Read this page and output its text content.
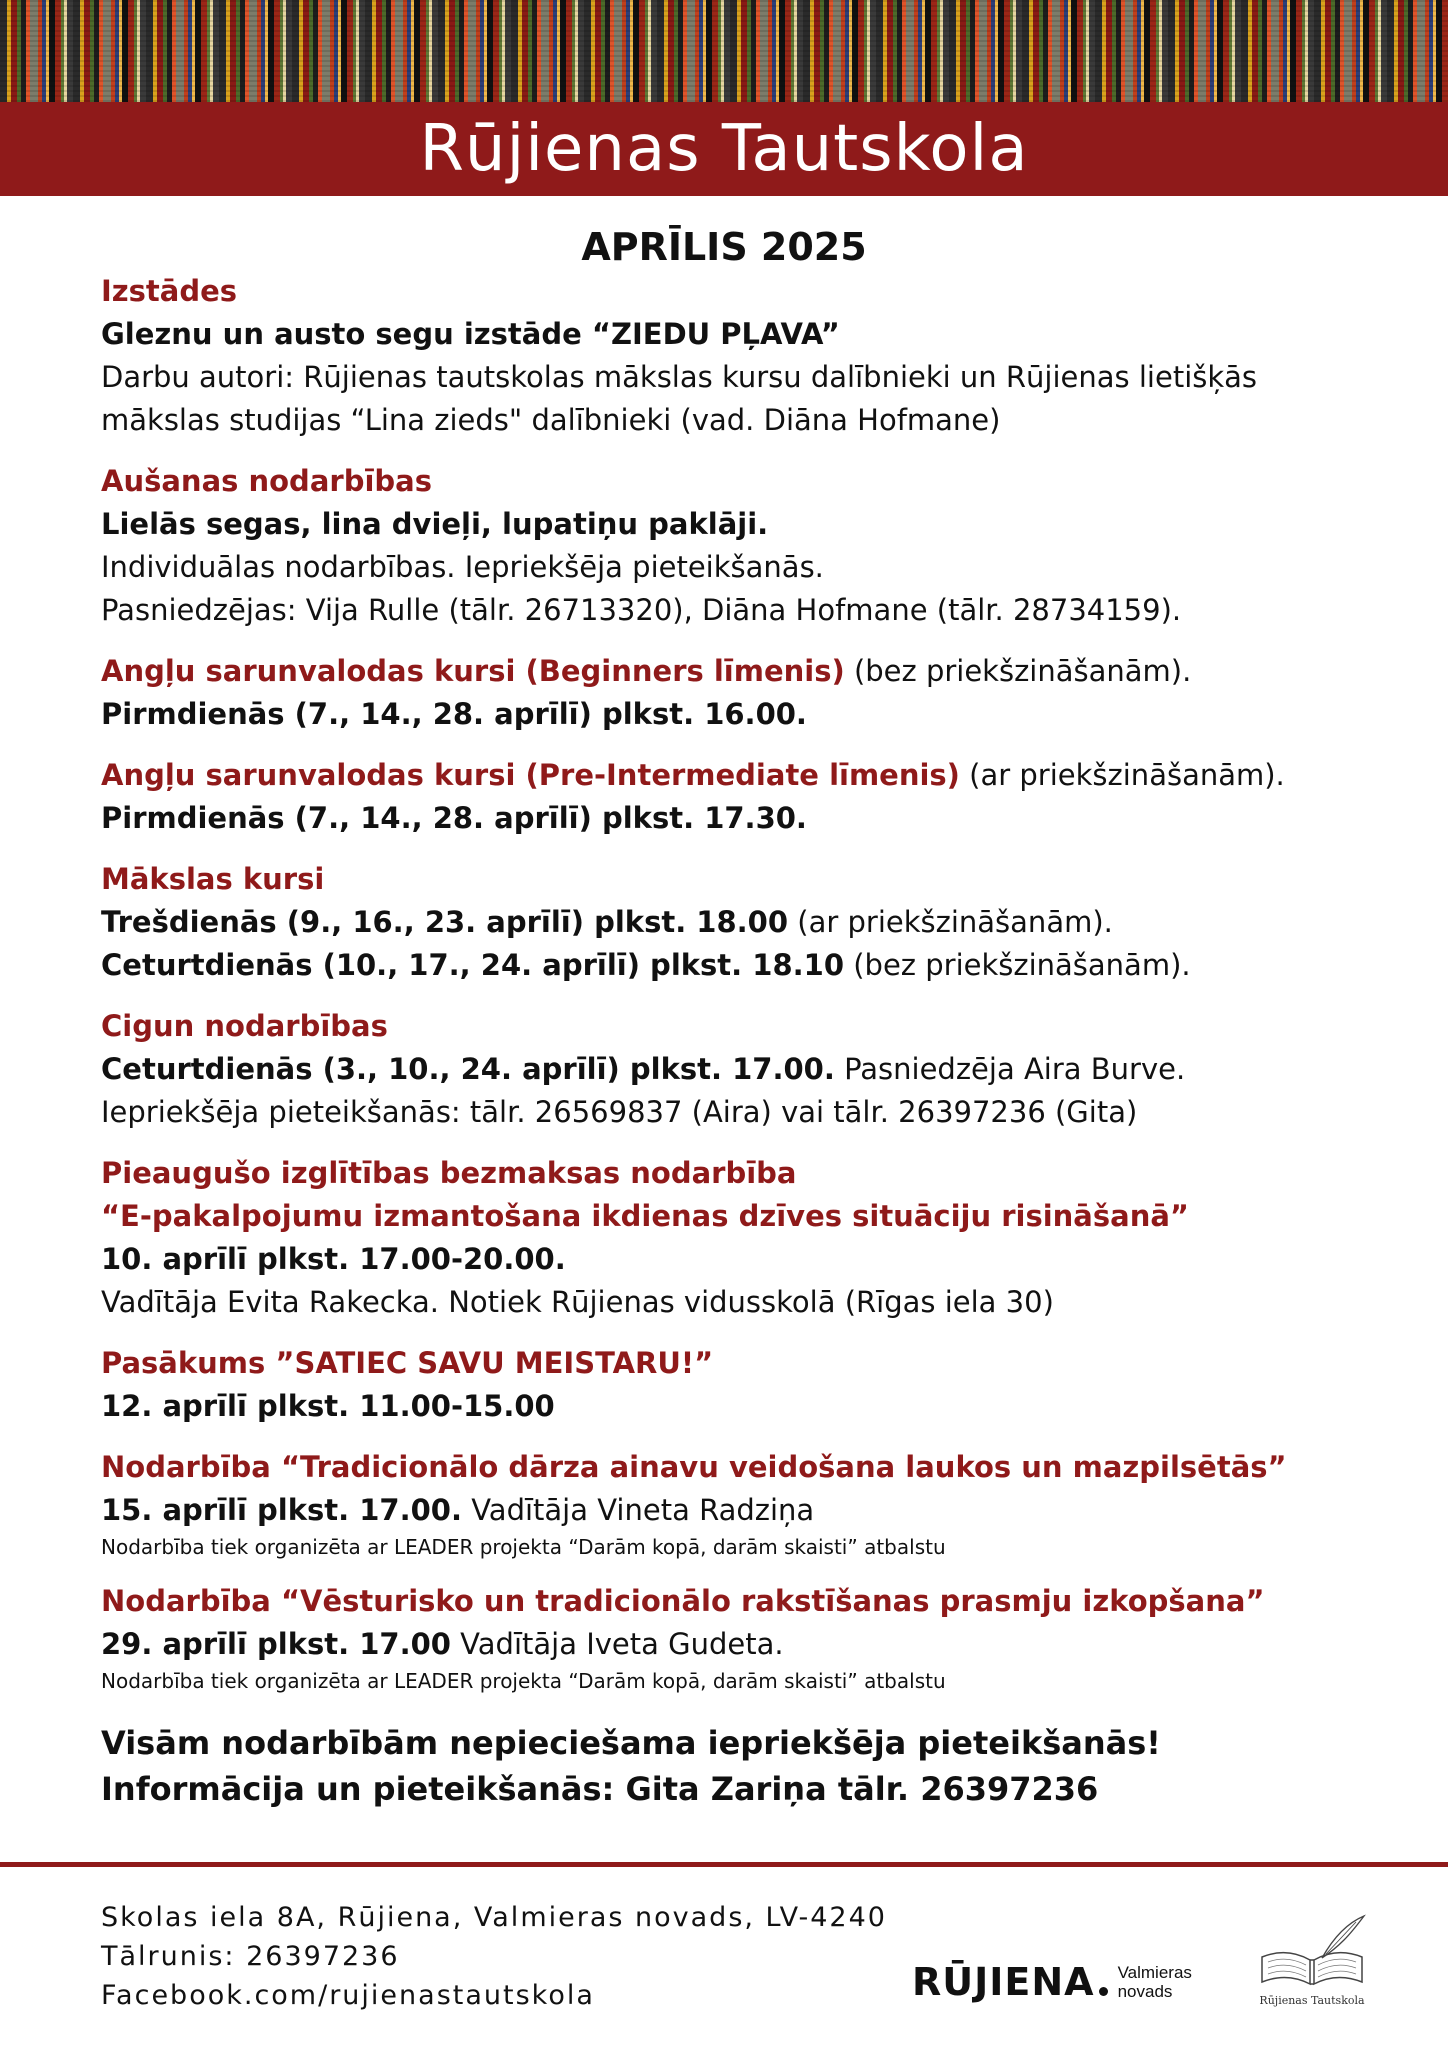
Rūjienas Tautskola
APRĪLIS 2025
Izstādes
Gleznu un austo segu izstāde “ZIEDU PĻAVA”
Darbu autori: Rūjienas tautskolas mākslas kursu dalībnieki un Rūjienas lietišķās
mākslas studijas “Lina zieds" dalībnieki (vad. Diāna Hofmane)
Aušanas nodarbības
Lielās segas, lina dvieļi, lupatiņu paklāji.
Individuālas nodarbības. Iepriekšēja pieteikšanās.
Pasniedzējas: Vija Rulle (tālr. 26713320), Diāna Hofmane (tālr. 28734159).
Angļu sarunvalodas kursi (Beginners līmenis) (bez priekšzināšanām).
Pirmdienās (7., 14., 28. aprīlī) plkst. 16.00.
Angļu sarunvalodas kursi (Pre-Intermediate līmenis) (ar priekšzināšanām).
Pirmdienās (7., 14., 28. aprīlī) plkst. 17.30.
Mākslas kursi
Trešdienās (9., 16., 23. aprīlī) plkst. 18.00 (ar priekšzināšanām).
Ceturtdienās (10., 17., 24. aprīlī) plkst. 18.10 (bez priekšzināšanām).
Cigun nodarbības
Ceturtdienās (3., 10., 24. aprīlī) plkst. 17.00. Pasniedzēja Aira Burve.
Iepriekšēja pieteikšanās: tālr. 26569837 (Aira) vai tālr. 26397236 (Gita)
Pieaugušo izglītības bezmaksas nodarbība
“E-pakalpojumu izmantošana ikdienas dzīves situāciju risināšanā”
10. aprīlī plkst. 17.00-20.00.
Vadītāja Evita Rakecka. Notiek Rūjienas vidusskolā (Rīgas iela 30)
Pasākums ”SATIEC SAVU MEISTARU!”
12. aprīlī plkst. 11.00-15.00
Nodarbība “Tradicionālo dārza ainavu veidošana laukos un mazpilsētās”
15. aprīlī plkst. 17.00. Vadītāja Vineta Radziņa
Nodarbība tiek organizēta ar LEADER projekta “Darām kopā, darām skaisti” atbalstu
Nodarbība “Vēsturisko un tradicionālo rakstīšanas prasmju izkopšana”
29. aprīlī plkst. 17.00 Vadītāja Iveta Gudeta.
Nodarbība tiek organizēta ar LEADER projekta “Darām kopā, darām skaisti” atbalstu
Visām nodarbībām nepieciešama iepriekšēja pieteikšanās!
Informācija un pieteikšanās: Gita Zariņa tālr. 26397236
Skolas iela 8A, Rūjiena, Valmieras novads, LV-4240
Tālrunis: 26397236
Facebook.com/rujienastautskola	RŪJIENA Valmieras
novads	Rūjienas Tautskola
